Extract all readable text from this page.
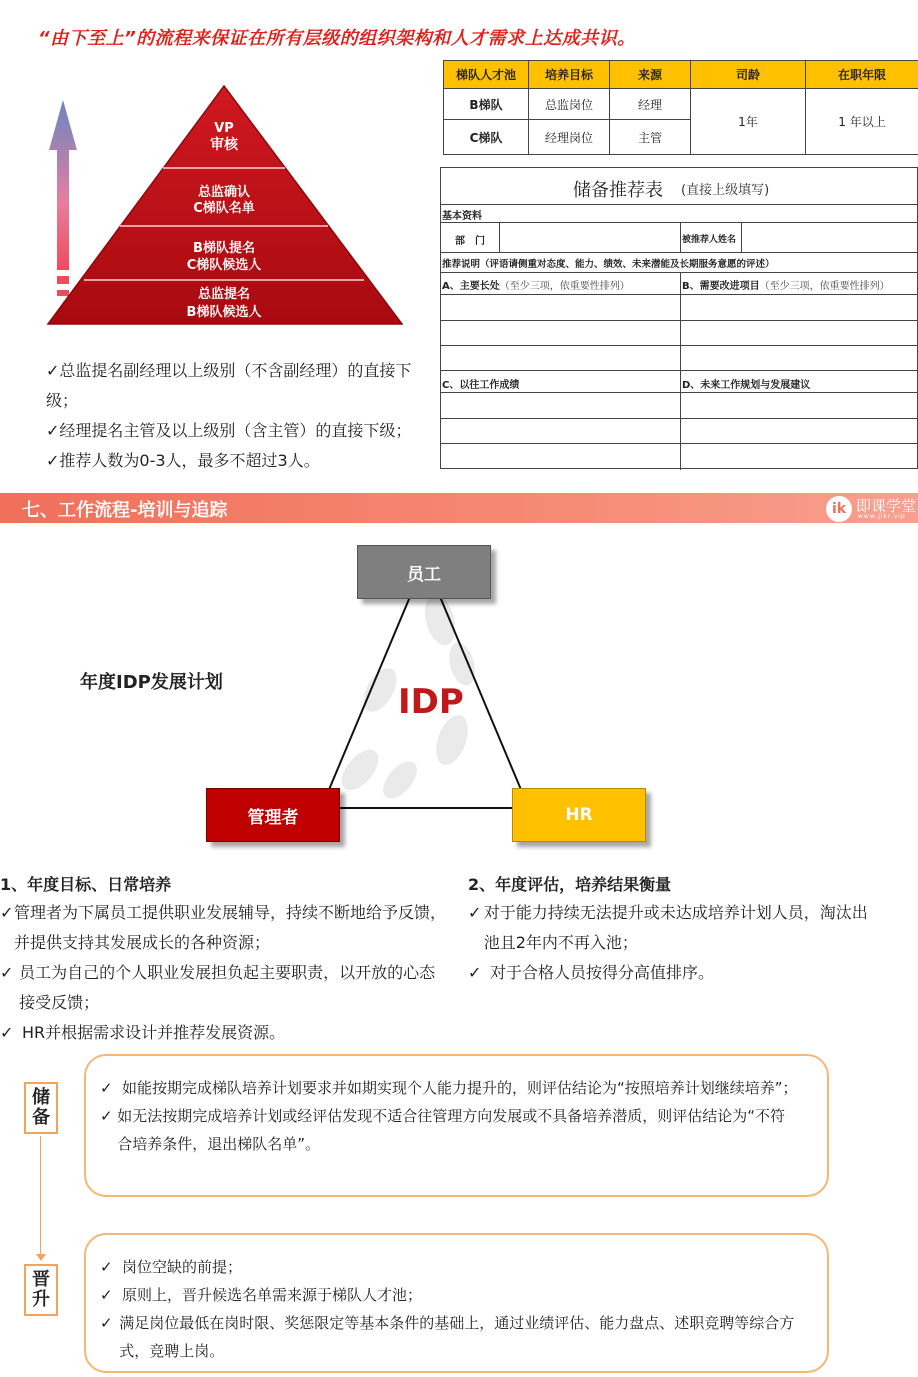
“由下至上”的流程来保证在所有层级的组织架构和人才需求上达成共识。
VP
审核
总监确认
C梯队名单
B梯队提名
C梯队候选人
总监提名
B梯队候选人
梯队人才池	培养目标	来源	司龄	在职年限
B梯队	总监岗位	经理	1年	1 年以上
C梯队	经理岗位	主管		
储备推荐表 (直接上级填写)
基本资料
部　门	被推荐人姓名
推荐说明（评语请侧重对态度、能力、绩效、未来潜能及长期服务意愿的评述）
A、主要长处（至少三项，依重要性排列）	B、需要改进项目（至少三项，依重要性排列）
C、以往工作成绩	D、未来工作规划与发展建议
✓总监提名副经理以上级别（不含副经理）的直接下级；
✓经理提名主管及以上级别（含主管）的直接下级；
✓推荐人数为0-3人，最多不超过3人。
七、工作流程-培训与追踪	ik 即课学堂
www.jikr.vip
IDP
年度IDP发展计划
员工
管理者	HR
1、年度目标、日常培养
✓ 管理者为下属员工提供职业发展辅导，持续不断地给予反馈，并提供支持其发展成长的各种资源；
✓ 员工为自己的个人职业发展担负起主要职责，以开放的心态接受反馈；
✓ HR并根据需求设计并推荐发展资源。
2、年度评估，培养结果衡量
✓ 对于能力持续无法提升或未达成培养计划人员，淘汰出池且2年内不再入池；
✓ 对于合格人员按得分高值排序。
储备
✓ 如能按期完成梯队培养计划要求并如期实现个人能力提升的，则评估结论为“按照培养计划继续培养”；
✓ 如无法按期完成培养计划或经评估发现不适合往管理方向发展或不具备培养潜质，则评估结论为“不符合培养条件，退出梯队名单”。
晋升
✓ 岗位空缺的前提；
✓ 原则上，晋升候选名单需来源于梯队人才池；
✓ 满足岗位最低在岗时限、奖惩限定等基本条件的基础上，通过业绩评估、能力盘点、述职竞聘等综合方式，竞聘上岗。
